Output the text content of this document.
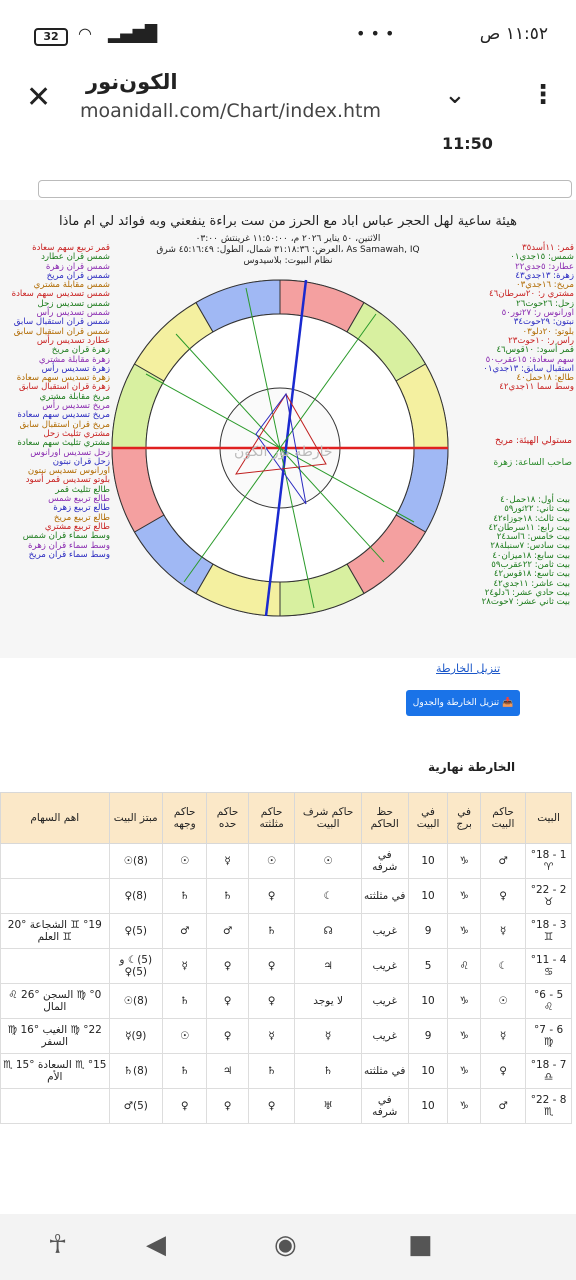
32	◠ ▂▄▆█	• • •	١١:٥٢ ص
✕ الكون‌نور
moanidall.com/Chart/index.htm
⌄ ⋮
11:50
هيئة ساعية لهل الحجر عباس اباد مع الحرز من ست براءة ينفعني وبه فوائد لي ام ماذا
الاثنين، ٥٠ يناير ٢٠٢٦ م، ١١:٥٠:٠٠ غرينتش ٠٣:٠٠
As Samawah, IQ ،العرض: ٣١:١٨:٣٦ شمال، الطول: ٤٥:١٦:٤٩ شرق
نظام البيوت: بلاسيدوس
قمر تربيع سهم سعادة
شمس قران عطارد
شمس قران زهرة
شمس قران مريخ
شمس مقابلة مشتري
شمس تسديس سهم سعادة
شمس تسديس زحل
شمس تسديس رأس
شمس قران استقبال سابق
شمس قران استقبال سابق
عطارد تسديس رأس
زهرة قران مريخ
زهرة مقابلة مشتري
زهرة تسديس رأس
زهرة تسديس سهم سعادة
زهرة قران استقبال سابق
مريخ مقابلة مشتري
مريخ تسديس رأس
مريخ تسديس سهم سعادة
مريخ قران استقبال سابق
مشتري تثليث زحل
مشتري تثليث سهم سعادة
زحل تسديس اورانوس
زحل قران نبتون
اورانوس تسديس نبتون
بلوتو تسديس قمر أسود
طالع تثليث قمر
طالع تربيع شمس
طالع تربيع زهرة
طالع تربيع مريخ
طالع تربيع مشتري
وسط سماء قران شمس
وسط سماء قران زهرة
وسط سماء قران مريخ
قمر: ١١أسد٣٥
شمس: ١٥جدي٠١
عطارد: ٥جدي٢٢
زهرة: ١٣جدي٤٣
مريخ: ١٦جدي٠٣
مشتري ر: ٢٠سرطان٤٦
زحل: ٢٦حوت٢٦
اورانوس ر: ٢٧ثور٥٠
نبتون: ٢٩حوت٣٤
بلوتو: ٢٠دلو٠٣
راس ر: ١٠حوت٢٣
قمر أسود: ١٠قوس٤٦
سهم سعادة: ١٥عقرب٥٠
استقبال سابق: ١٣جدي٠١
طالع: ١٨حمل٤٠
وسط سما ١١جدي٤٢
مستولي الهيئة: مريخ
صاحب الساعة: زهرة
بيت أول: ١٨حمل٤٠
بيت ثاني: ٢٢ثور٥٩
بيت ثالث: ١٨جوزاء٤٢
بيت رابع: ١١سرطان٤٢
بيت خامس: ٦اسد٢٤
بيت سادس: ٧سنبلة٢٨
بيت سابع: ١٨ميزان٤٠
بيت ثامن: ٢٢عقرب٥٩
بيت تاسع: ١٨قوس٤٢
بيت عاشر: ١١جدي٤٢
بيت حادي عشر: ٦دلو٢٤
بيت ثاني عشر: ٧حوت٢٨
خارطة نور الكون
تنزيل الخارطة
📥 تنزيل الخارطة والجدول
الخارطة نهارية
البيت	حاكم البيت	في برج	في البيت	حظ الحاكم	حاكم شرف البيت	حاكم مثلثته	حاكم حده	حاكم وجهه	مبتز البيت	اهم السهام
1 - °18 ♈	♂	♑	10	في شرفه	☉	☉	☿	☉	(8)☉	
2 - °22 ♉	♀	♑	10	في مثلثته	☾	♀	♄	♄	(8)♀	
3 - °18 ♊	☿	♑	9	غريب	☊	♄	♂	♂	(5)♀	°19 ♊ الشجاعة °20 ♊ العلم
4 - °11 ♋	☾	♌	5	غريب	♃	♀	♀	☿	(5)☾ و (5)♀	
5 - °6 ♌	☉	♑	10	غريب	لا يوجد	♀	♀	♄	(8)☉	°0 ♍ السجن °26 ♌ المال
6 - °7 ♍	☿	♑	9	غريب	☿	☿	♀	☉	(9)☿	°22 ♍ الغيب °16 ♍ السفر
7 - °18 ♎	♀	♑	10	في مثلثته	♄	♄	♃	♄	(8)♄	°15 ♏ السعادة °15 ♏ الأم
8 - °22 ♏	♂	♑	10	في شرفه	♅	♀	♀	♀	(5)♂	
☥	◀	◉	■
